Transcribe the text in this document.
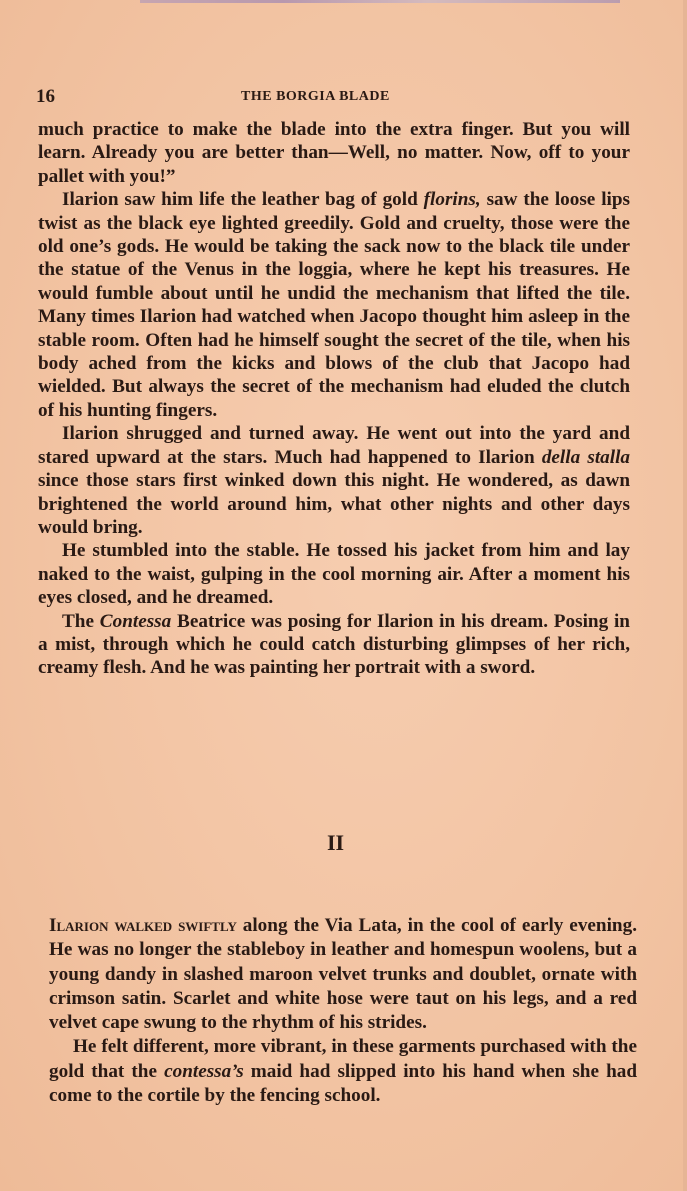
16	THE BORGIA BLADE

much practice to make the blade into the extra finger. But you will learn. Already you are better than—Well, no matter. Now, off to your pallet with you!”

Ilarion saw him life the leather bag of gold florins, saw the loose lips twist as the black eye lighted greedily. Gold and cruelty, those were the old one’s gods. He would be taking the sack now to the black tile under the statue of the Venus in the loggia, where he kept his treasures. He would fumble about until he undid the mechanism that lifted the tile. Many times Ilarion had watched when Jacopo thought him asleep in the stable room. Often had he himself sought the secret of the tile, when his body ached from the kicks and blows of the club that Jacopo had wielded. But always the secret of the mechanism had eluded the clutch of his hunting fingers.

Ilarion shrugged and turned away. He went out into the yard and stared upward at the stars. Much had happened to Ilarion della stalla since those stars first winked down this night. He wondered, as dawn brightened the world around him, what other nights and other days would bring.

He stumbled into the stable. He tossed his jacket from him and lay naked to the waist, gulping in the cool morning air. After a moment his eyes closed, and he dreamed.

The Contessa Beatrice was posing for Ilarion in his dream. Posing in a mist, through which he could catch disturbing glimpses of her rich, creamy flesh. And he was painting her portrait with a sword.

II

Ilarion walked swiftly along the Via Lata, in the cool of early evening. He was no longer the stableboy in leather and homespun woolens, but a young dandy in slashed maroon velvet trunks and doublet, ornate with crimson satin. Scarlet and white hose were taut on his legs, and a red velvet cape swung to the rhythm of his strides.

He felt different, more vibrant, in these garments purchased with the gold that the contessa’s maid had slipped into his hand when she had come to the cortile by the fencing school.
